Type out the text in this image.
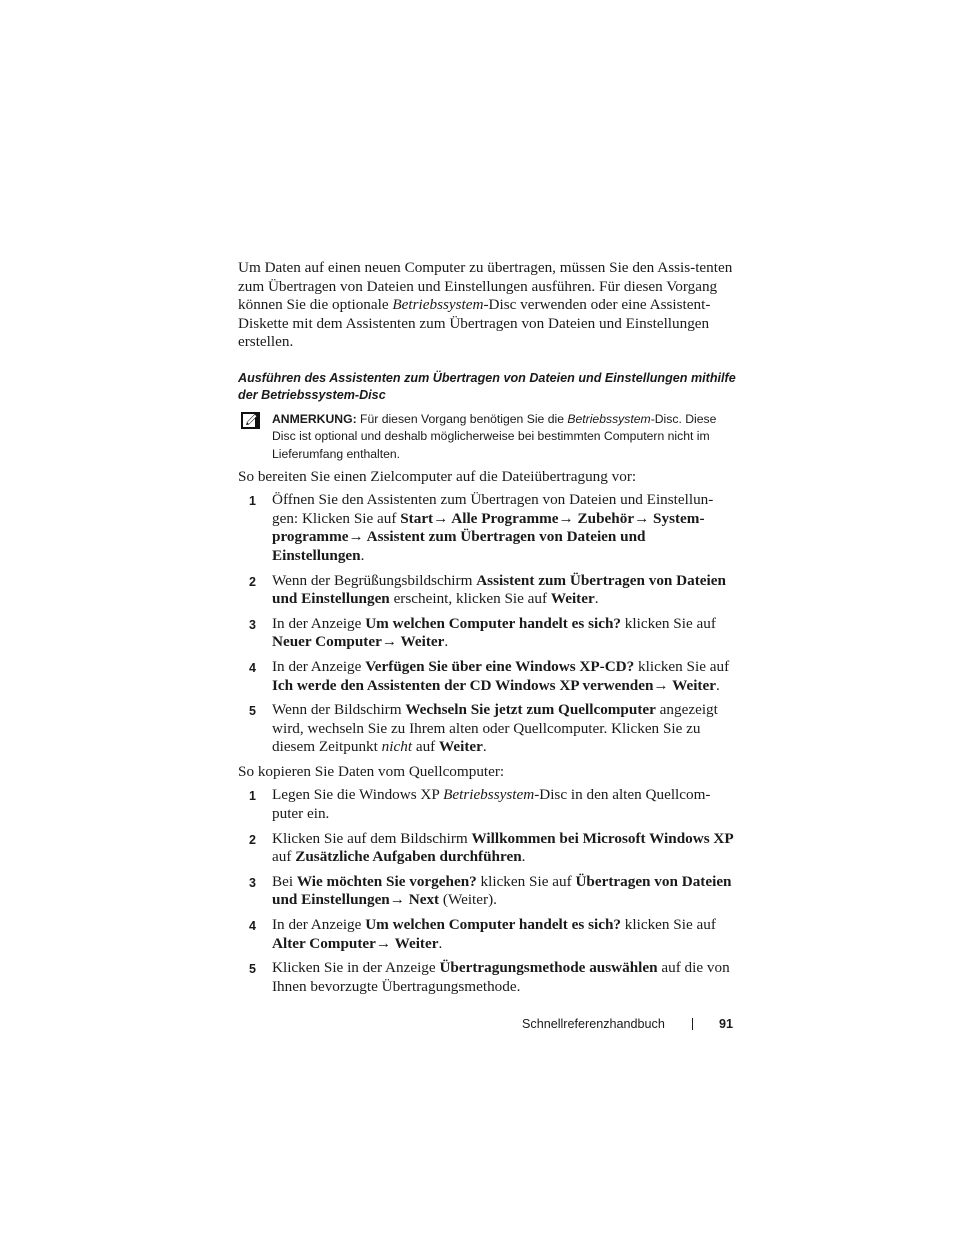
Um Daten auf einen neuen Computer zu übertragen, müssen Sie den Assis-tenten zum Übertragen von Dateien und Einstellungen ausführen. Für diesen Vorgang können Sie die optionale Betriebssystem-Disc verwenden oder eine Assistent-Diskette mit dem Assistenten zum Übertragen von Dateien und Einstellungen erstellen.

Ausführen des Assistenten zum Übertragen von Dateien und Einstellungen mithilfe der Betriebssystem-Disc
ANMERKUNG: Für diesen Vorgang benötigen Sie die Betriebssystem-Disc. Diese Disc ist optional und deshalb möglicherweise bei bestimmten Computern nicht im Lieferumfang enthalten.

So bereiten Sie einen Zielcomputer auf die Dateiübertragung vor:

1 Öffnen Sie den Assistenten zum Übertragen von Dateien und Einstellun-gen: Klicken Sie auf Start→ Alle Programme→ Zubehör→ System-programme→ Assistent zum Übertragen von Dateien und Einstellungen.
2 Wenn der Begrüßungsbildschirm Assistent zum Übertragen von Dateien und Einstellungen erscheint, klicken Sie auf Weiter.
3 In der Anzeige Um welchen Computer handelt es sich? klicken Sie auf Neuer Computer→ Weiter.
4 In der Anzeige Verfügen Sie über eine Windows XP-CD? klicken Sie auf Ich werde den Assistenten der CD Windows XP verwenden→ Weiter.
5 Wenn der Bildschirm Wechseln Sie jetzt zum Quellcomputer angezeigt wird, wechseln Sie zu Ihrem alten oder Quellcomputer. Klicken Sie zu diesem Zeitpunkt nicht auf Weiter.

So kopieren Sie Daten vom Quellcomputer:

1 Legen Sie die Windows XP Betriebssystem-Disc in den alten Quellcom-puter ein.
2 Klicken Sie auf dem Bildschirm Willkommen bei Microsoft Windows XP auf Zusätzliche Aufgaben durchführen.
3 Bei Wie möchten Sie vorgehen? klicken Sie auf Übertragen von Dateien und Einstellungen→ Next (Weiter).
4 In der Anzeige Um welchen Computer handelt es sich? klicken Sie auf Alter Computer→ Weiter.
5 Klicken Sie in der Anzeige Übertragungsmethode auswählen auf die von Ihnen bevorzugte Übertragungsmethode.
Schnellreferenzhandbuch	91
